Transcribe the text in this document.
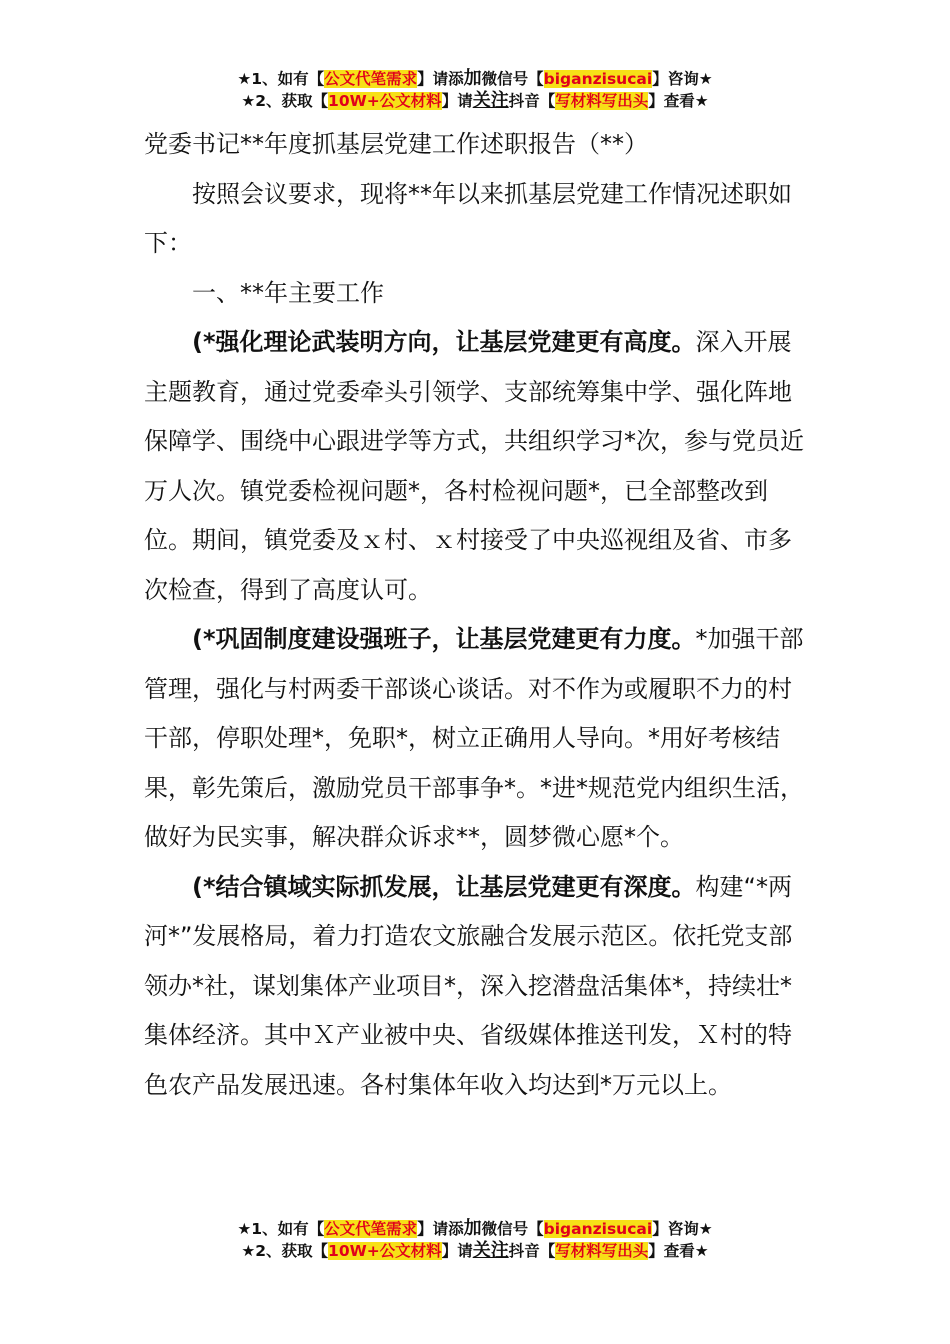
★1、如有【公文代笔需求】请添加微信号【biganzisucai】咨询★
★2、获取【10W+公文材料】请关注抖音【写材料写出头】查看★

党委书记**年度抓基层党建工作述职报告（**）

按照会议要求，现将**年以来抓基层党建工作情况述职如下：

一、**年主要工作

(*强化理论武装明方向，让基层党建更有高度。深入开展主题教育，通过党委牵头引领学、支部统筹集中学、强化阵地保障学、围绕中心跟进学等方式，共组织学习*次，参与党员近万人次。镇党委检视问题*，各村检视问题*，已全部整改到位。期间，镇党委及ｘ村、ｘ村接受了中央巡视组及省、市多次检查，得到了高度认可。

(*巩固制度建设强班子，让基层党建更有力度。*加强干部管理，强化与村两委干部谈心谈话。对不作为或履职不力的村干部，停职处理*，免职*，树立正确用人导向。*用好考核结果，彰先策后，激励党员干部事争*。*进*规范党内组织生活，做好为民实事，解决群众诉求**，圆梦微心愿*个。

(*结合镇域实际抓发展，让基层党建更有深度。构建“*两河*”发展格局，着力打造农文旅融合发展示范区。依托党支部领办*社，谋划集体产业项目*，深入挖潜盘活集体*，持续壮*集体经济。其中Ｘ产业被中央、省级媒体推送刊发，Ｘ村的特色农产品发展迅速。各村集体年收入均达到*万元以上。

★1、如有【公文代笔需求】请添加微信号【biganzisucai】咨询★
★2、获取【10W+公文材料】请关注抖音【写材料写出头】查看★
